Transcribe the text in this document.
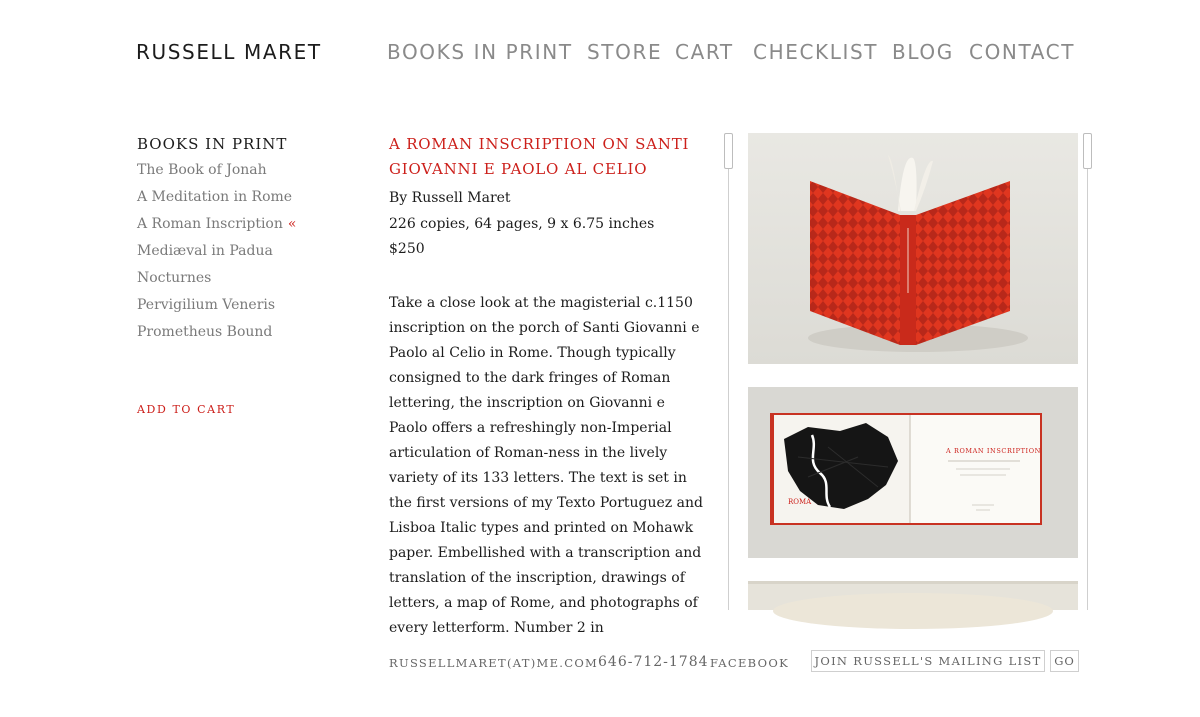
RUSSELL MARET	BOOKS IN PRINT STORE CART CHECKLIST BLOG CONTACT
BOOKS IN PRINT
The Book of Jonah
A Meditation in Rome
A Roman Inscription «
Mediæval in Padua
Nocturnes
Pervigilium Veneris
Prometheus Bound
ADD TO CART
A ROMAN INSCRIPTION ON SANTI GIOVANNI E PAOLO AL CELIO
By Russell Maret
226 copies, 64 pages, 9 x 6.75 inches
$250

Take a close look at the magisterial c.1150 inscription on the porch of Santi Giovanni e Paolo al Celio in Rome. Though typically consigned to the dark fringes of Roman lettering, the inscription on Giovanni e Paolo offers a refreshingly non-Imperial articulation of Roman-ness in the lively variety of its 133 letters. The text is set in the first versions of my Texto Portuguez and Lisboa Italic types and printed on Mohawk paper. Embellished with a transcription and translation of the inscription, drawings of letters, a map of Rome, and photographs of every letterform. Number 2 in

ROMA
A ROMAN INSCRIPTION
RUSSELLMARET(AT)ME.COM 646-712-1784 FACEBOOK JOIN RUSSELL'S MAILING LIST	GO
